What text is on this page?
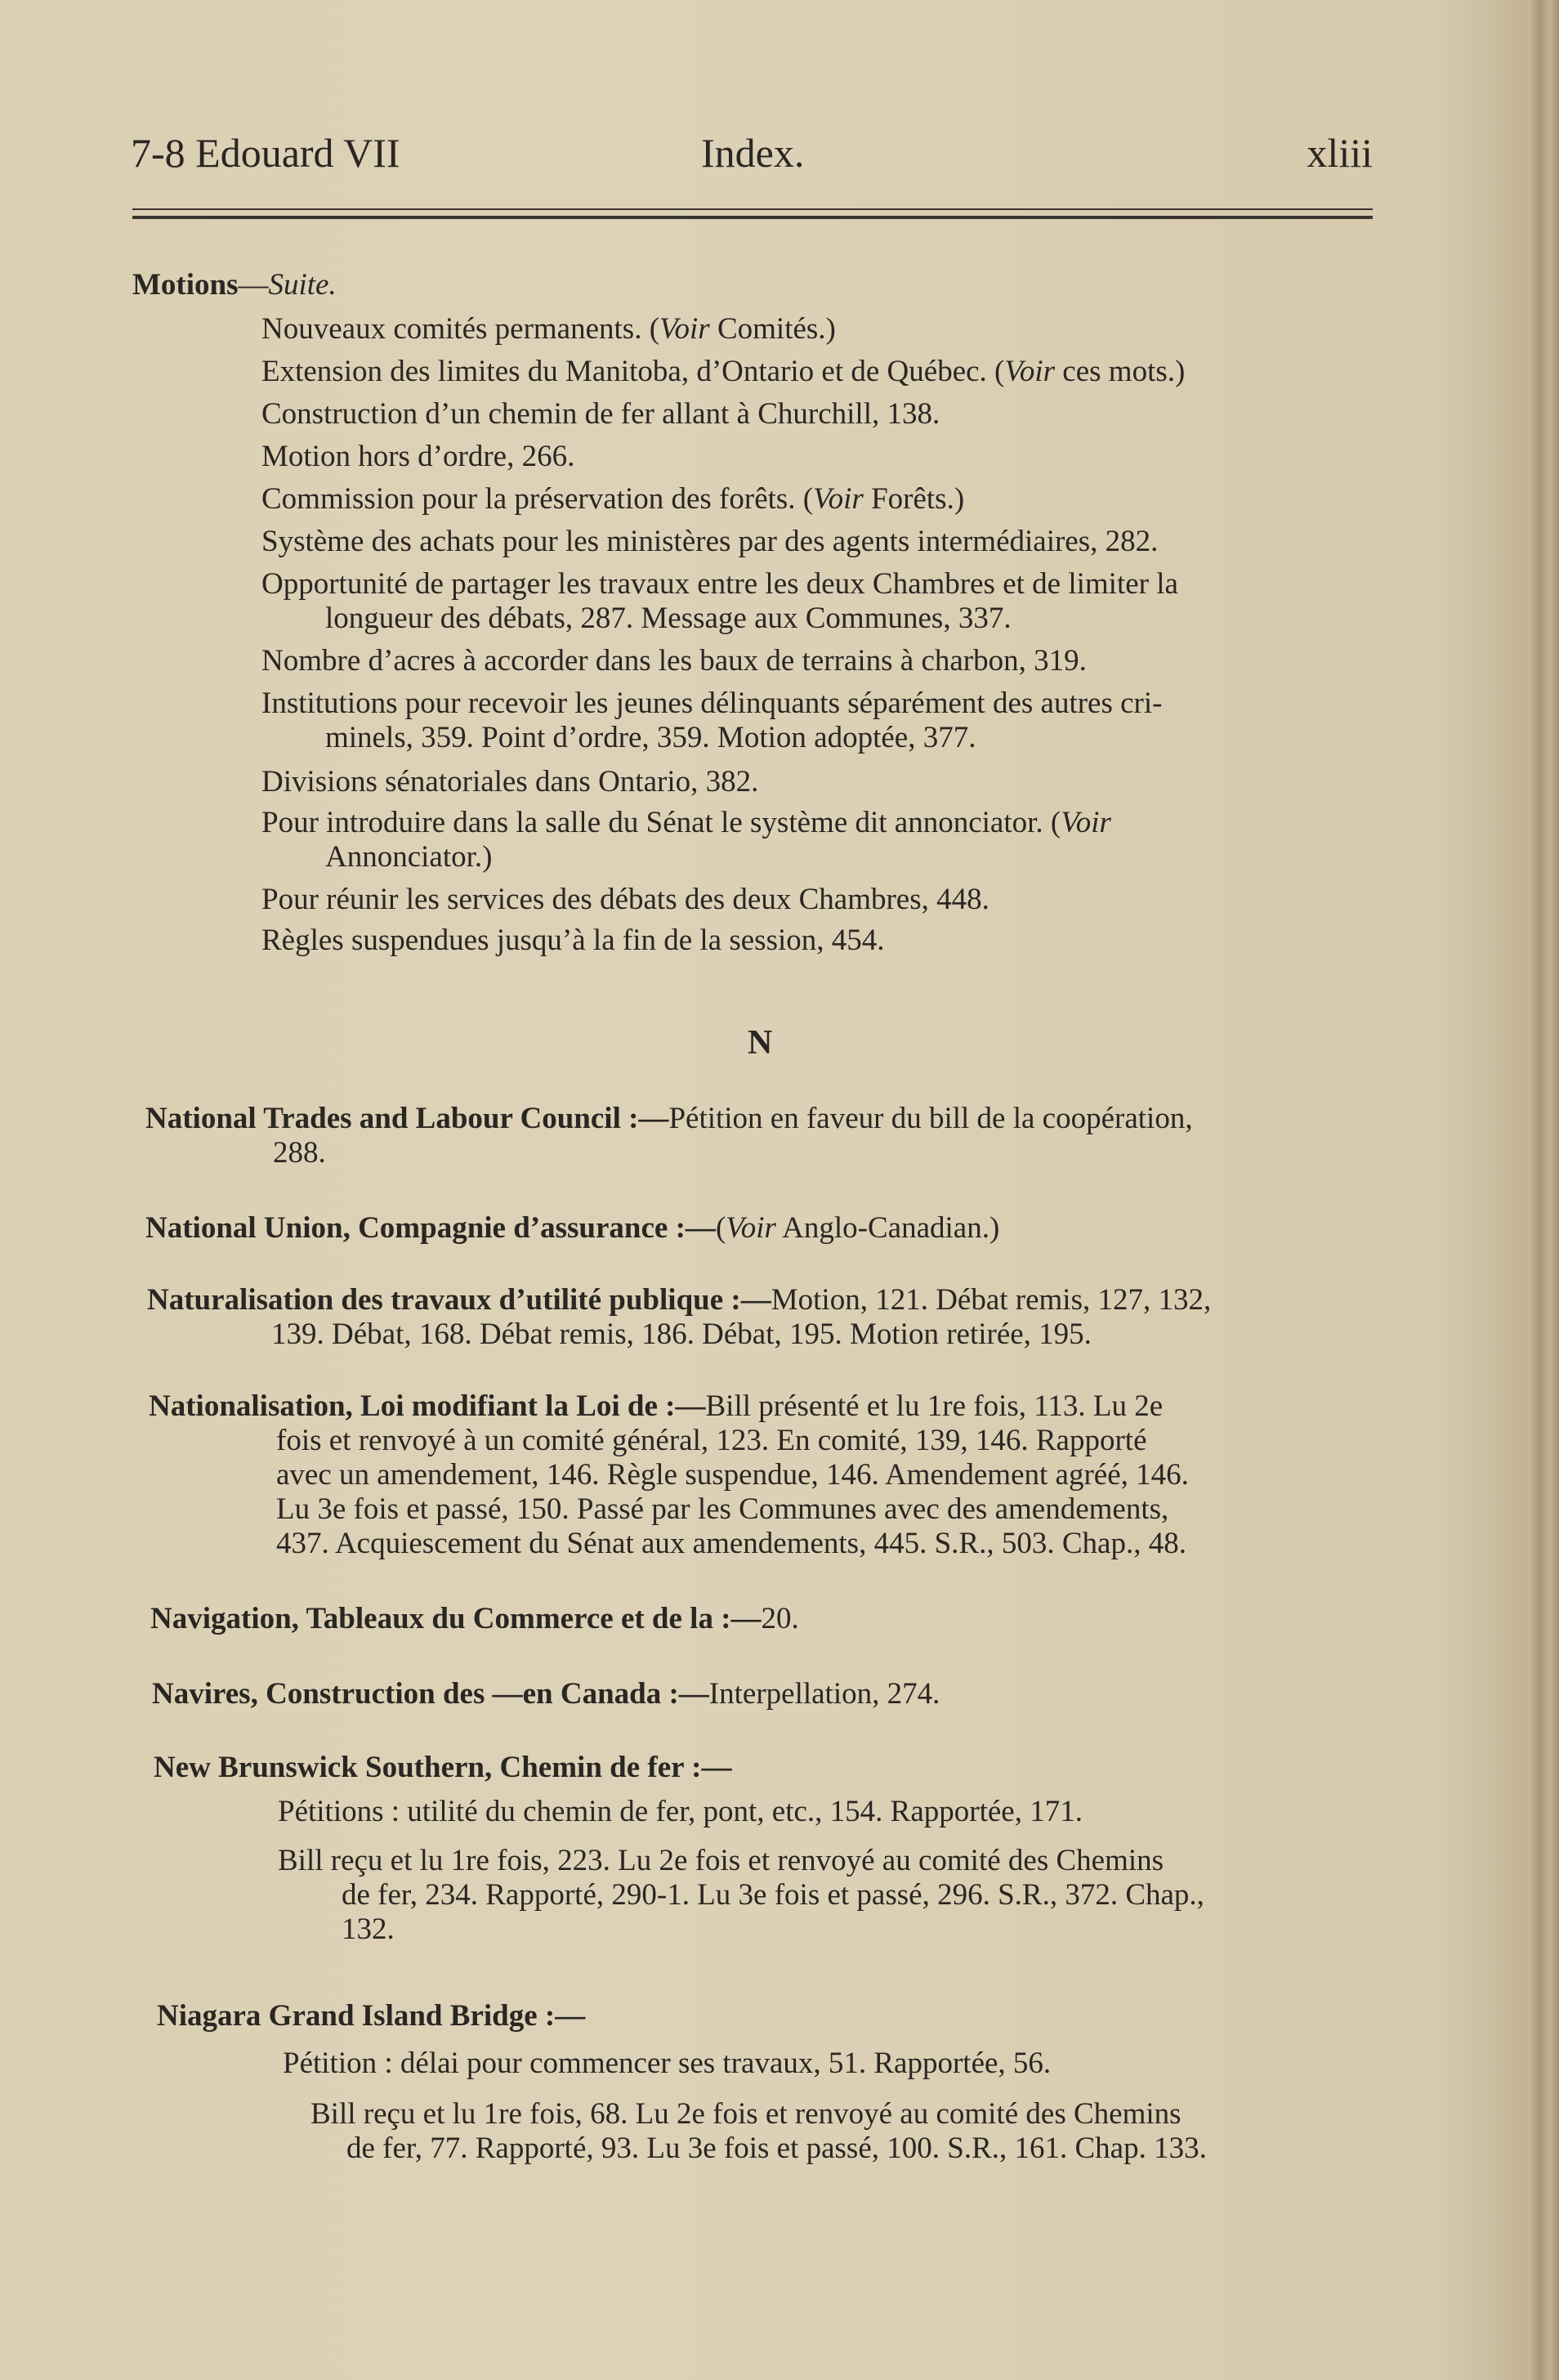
7-8 Edouard VII	Index.	xliii
Motions—Suite.
Nouveaux comités permanents. (Voir Comités.)
Extension des limites du Manitoba, d’Ontario et de Québec. (Voir ces mots.)
Construction d’un chemin de fer allant à Churchill, 138.
Motion hors d’ordre, 266.
Commission pour la préservation des forêts. (Voir Forêts.)
Système des achats pour les ministères par des agents intermédiaires, 282.
Opportunité de partager les travaux entre les deux Chambres et de limiter la
longueur des débats, 287. Message aux Communes, 337.
Nombre d’acres à accorder dans les baux de terrains à charbon, 319.
Institutions pour recevoir les jeunes délinquants séparément des autres cri-
minels, 359. Point d’ordre, 359. Motion adoptée, 377.
Divisions sénatoriales dans Ontario, 382.
Pour introduire dans la salle du Sénat le système dit annonciator. (Voir
Annonciator.)
Pour réunir les services des débats des deux Chambres, 448.
Règles suspendues jusqu’à la fin de la session, 454.
N
National Trades and Labour Council :—Pétition en faveur du bill de la coopération,
288.
National Union, Compagnie d’assurance :—(Voir Anglo-Canadian.)
Naturalisation des travaux d’utilité publique :—Motion, 121. Débat remis, 127, 132,
139. Débat, 168. Débat remis, 186. Débat, 195. Motion retirée, 195.
Nationalisation, Loi modifiant la Loi de :—Bill présenté et lu 1re fois, 113. Lu 2e
fois et renvoyé à un comité général, 123. En comité, 139, 146. Rapporté
avec un amendement, 146. Règle suspendue, 146. Amendement agréé, 146.
Lu 3e fois et passé, 150. Passé par les Communes avec des amendements,
437. Acquiescement du Sénat aux amendements, 445. S.R., 503. Chap., 48.
Navigation, Tableaux du Commerce et de la :—20.
Navires, Construction des —en Canada :—Interpellation, 274.
New Brunswick Southern, Chemin de fer :—
Pétitions : utilité du chemin de fer, pont, etc., 154. Rapportée, 171.
Bill reçu et lu 1re fois, 223. Lu 2e fois et renvoyé au comité des Chemins
de fer, 234. Rapporté, 290-1. Lu 3e fois et passé, 296. S.R., 372. Chap.,
132.
Niagara Grand Island Bridge :—
Pétition : délai pour commencer ses travaux, 51. Rapportée, 56.
Bill reçu et lu 1re fois, 68. Lu 2e fois et renvoyé au comité des Chemins
de fer, 77. Rapporté, 93. Lu 3e fois et passé, 100. S.R., 161. Chap. 133.
